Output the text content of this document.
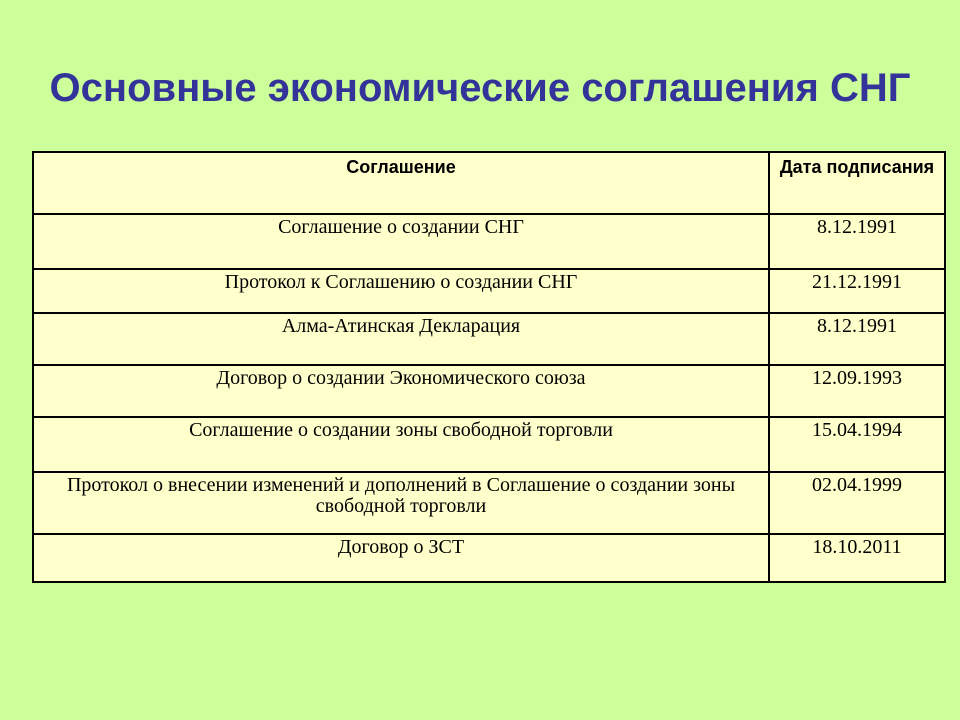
Основные экономические соглашения СНГ
Соглашение	Дата подписания
Соглашение о создании СНГ	8.12.1991
Протокол к Соглашению о создании СНГ	21.12.1991
Алма-Атинская Декларация	8.12.1991
Договор о создании Экономического союза	12.09.1993
Соглашение о создании зоны свободной торговли	15.04.1994
Протокол о внесении изменений и дополнений в Соглашение о создании зоны свободной торговли	02.04.1999
Договор о ЗСТ	18.10.2011
